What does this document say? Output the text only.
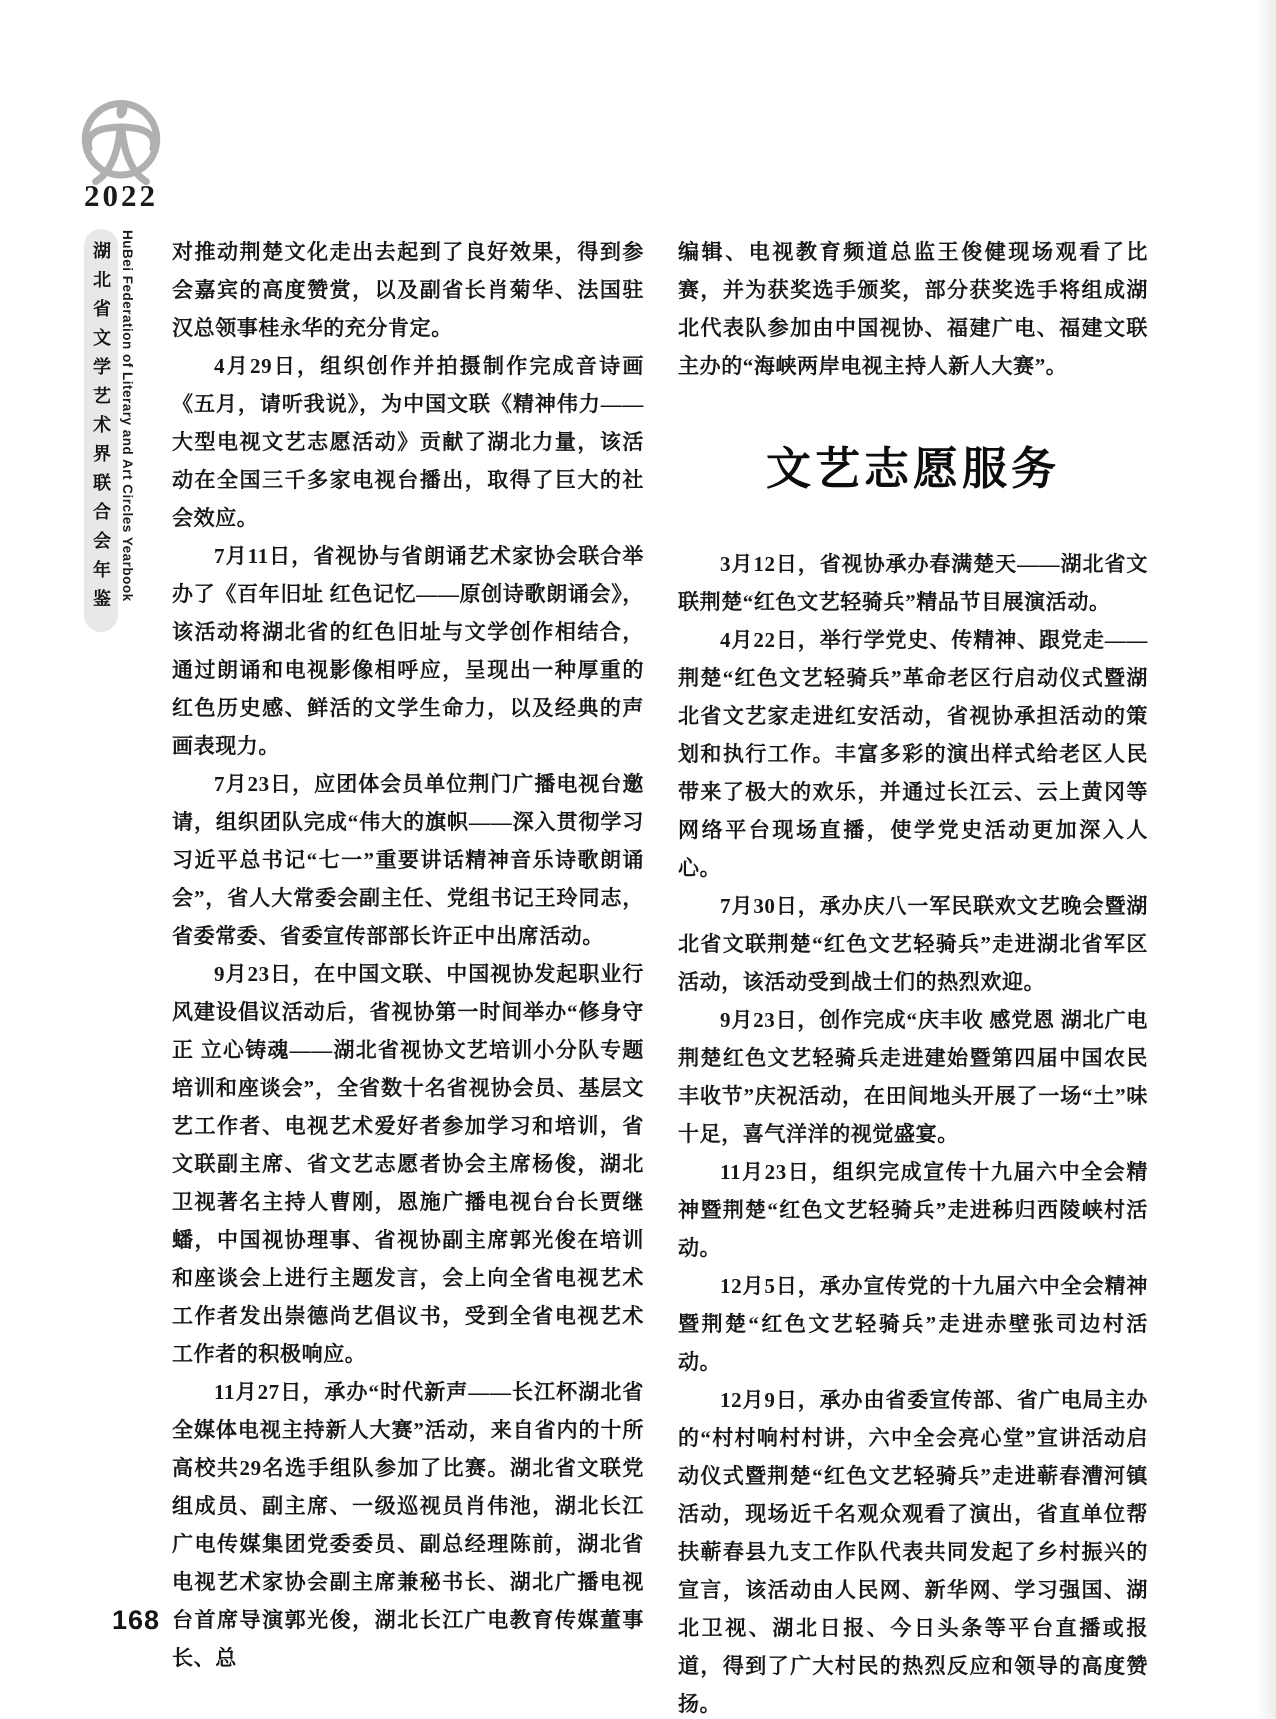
2022
湖北省文学艺术界联合会年鉴 HuBei Federation of Literary and Art Circles Yearbook 对推动荆楚文化走出去起到了良好效果，得到参会嘉宾的高度赞赏，以及副省长肖菊华、法国驻汉总领事桂永华的充分肯定。

4月29日，组织创作并拍摄制作完成音诗画《五月，请听我说》，为中国文联《精神伟力——大型电视文艺志愿活动》贡献了湖北力量，该活动在全国三千多家电视台播出，取得了巨大的社会效应。

7月11日，省视协与省朗诵艺术家协会联合举办了《百年旧址 红色记忆——原创诗歌朗诵会》，该活动将湖北省的红色旧址与文学创作相结合，通过朗诵和电视影像相呼应，呈现出一种厚重的红色历史感、鲜活的文学生命力，以及经典的声画表现力。

7月23日，应团体会员单位荆门广播电视台邀请，组织团队完成“伟大的旗帜——深入贯彻学习习近平总书记“七一”重要讲话精神音乐诗歌朗诵会”，省人大常委会副主任、党组书记王玲同志，省委常委、省委宣传部部长许正中出席活动。

9月23日，在中国文联、中国视协发起职业行风建设倡议活动后，省视协第一时间举办“修身守正 立心铸魂——湖北省视协文艺培训小分队专题培训和座谈会”，全省数十名省视协会员、基层文艺工作者、电视艺术爱好者参加学习和培训，省文联副主席、省文艺志愿者协会主席杨俊，湖北卫视著名主持人曹刚，恩施广播电视台台长贾继蟠，中国视协理事、省视协副主席郭光俊在培训和座谈会上进行主题发言，会上向全省电视艺术工作者发出崇德尚艺倡议书，受到全省电视艺术工作者的积极响应。

11月27日，承办“时代新声——长江杯湖北省全媒体电视主持新人大赛”活动，来自省内的十所高校共29名选手组队参加了比赛。湖北省文联党组成员、副主席、一级巡视员肖伟池，湖北长江广电传媒集团党委委员、副总经理陈前，湖北省电视艺术家协会副主席兼秘书长、湖北广播电视台首席导演郭光俊，湖北长江广电教育传媒董事长、总

编辑、电视教育频道总监王俊健现场观看了比赛，并为获奖选手颁奖，部分获奖选手将组成湖北代表队参加由中国视协、福建广电、福建文联主办的“海峡两岸电视主持人新人大赛”。

文艺志愿服务

3月12日，省视协承办春满楚天——湖北省文联荆楚“红色文艺轻骑兵”精品节目展演活动。

4月22日，举行学党史、传精神、跟党走——荆楚“红色文艺轻骑兵”革命老区行启动仪式暨湖北省文艺家走进红安活动，省视协承担活动的策划和执行工作。丰富多彩的演出样式给老区人民带来了极大的欢乐，并通过长江云、云上黄冈等网络平台现场直播，使学党史活动更加深入人心。

7月30日，承办庆八一军民联欢文艺晚会暨湖北省文联荆楚“红色文艺轻骑兵”走进湖北省军区活动，该活动受到战士们的热烈欢迎。

9月23日，创作完成“庆丰收 感党恩 湖北广电荆楚红色文艺轻骑兵走进建始暨第四届中国农民丰收节”庆祝活动，在田间地头开展了一场“土”味十足，喜气洋洋的视觉盛宴。

11月23日，组织完成宣传十九届六中全会精神暨荆楚“红色文艺轻骑兵”走进秭归西陵峡村活动。

12月5日，承办宣传党的十九届六中全会精神暨荆楚“红色文艺轻骑兵”走进赤壁张司边村活动。

12月9日，承办由省委宣传部、省广电局主办的“村村响村村讲，六中全会亮心堂”宣讲活动启动仪式暨荆楚“红色文艺轻骑兵”走进蕲春漕河镇活动，现场近千名观众观看了演出，省直单位帮扶蕲春县九支工作队代表共同发起了乡村振兴的宣言，该活动由人民网、新华网、学习强国、湖北卫视、湖北日报、今日头条等平台直播或报道，得到了广大村民的热烈反应和领导的高度赞扬。

168
